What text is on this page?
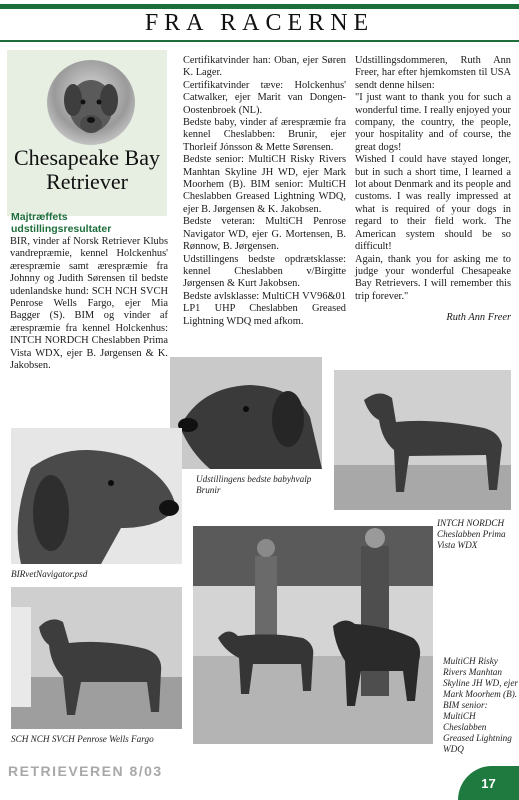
FRA RACERNE
Chesapeake Bay
Retriever
Majtræffets
udstillingsresultater

BIR, vinder af Norsk Retriever Klubs vandrepræmie, kennel Holckenhus' ærespræmie samt ærespræmie fra Johnny og Judith Sørensen til bedste udenlandske hund: SCH NCH SVCH Penrose Wells Fargo, ejer Mia Bagger (S). BIM og vinder af ærespræmie fra kennel Holckenhus: INTCH NORDCH Cheslabben Prima Vista WDX, ejer B. Jørgensen & K. Jakobsen.

Certifikatvinder han: Oban, ejer Søren K. Lager.

Certifikatvinder tæve: Holckenhus' Catwalker, ejer Marit van Dongen-Oostenbroek (NL).

Bedste baby, vinder af ærespræmie fra kennel Cheslabben: Brunir, ejer Thorleif Jónsson & Mette Sørensen.

Bedste senior: MultiCH Risky Rivers Manhtan Skyline JH WD, ejer Mark Moorhem (B). BIM senior: MultiCH Cheslabben Greased Lightning WDQ, ejer B. Jørgensen & K. Jakobsen.

Bedste veteran: MultiCH Penrose Navigator WD, ejer G. Mortensen, B. Rønnow, B. Jørgensen.

Udstillingens bedste opdrætsklasse: kennel Cheslabben v/Birgitte Jørgensen & Kurt Jakobsen.

Bedste avlsklasse: MultiCH VV96&01 LP1 UHP Cheslabben Greased Lightning WDQ med afkom.

Udstillingsdommeren, Ruth Ann Freer, har efter hjemkomsten til USA sendt denne hilsen:

"I just want to thank you for such a wonderful time. I really enjoyed your company, the country, the people, your hospitality and of course, the great dogs!

Wished I could have stayed longer, but in such a short time, I learned a lot about Denmark and its people and customs. I was really impressed at what is required of your dogs in regard to their field work. The American system should be so difficult!

Again, thank you for asking me to judge your wonderful Chesapeake Bay Retrievers. I will remember this trip forever."

Ruth Ann Freer

Udstillingens bedste babyhvalp Brunir
INTCH NORDCH Cheslabben Prima Vista WDX
BIRvetNavigator.psd
SCH NCH SVCH Penrose Wells Fargo
MultiCH Risky Rivers Manhtan Skyline JH WD, ejer Mark Moorhem (B). BIM senior: MultiCH Cheslabben Greased Lightning WDQ
RETRIEVEREN 8/03
17
